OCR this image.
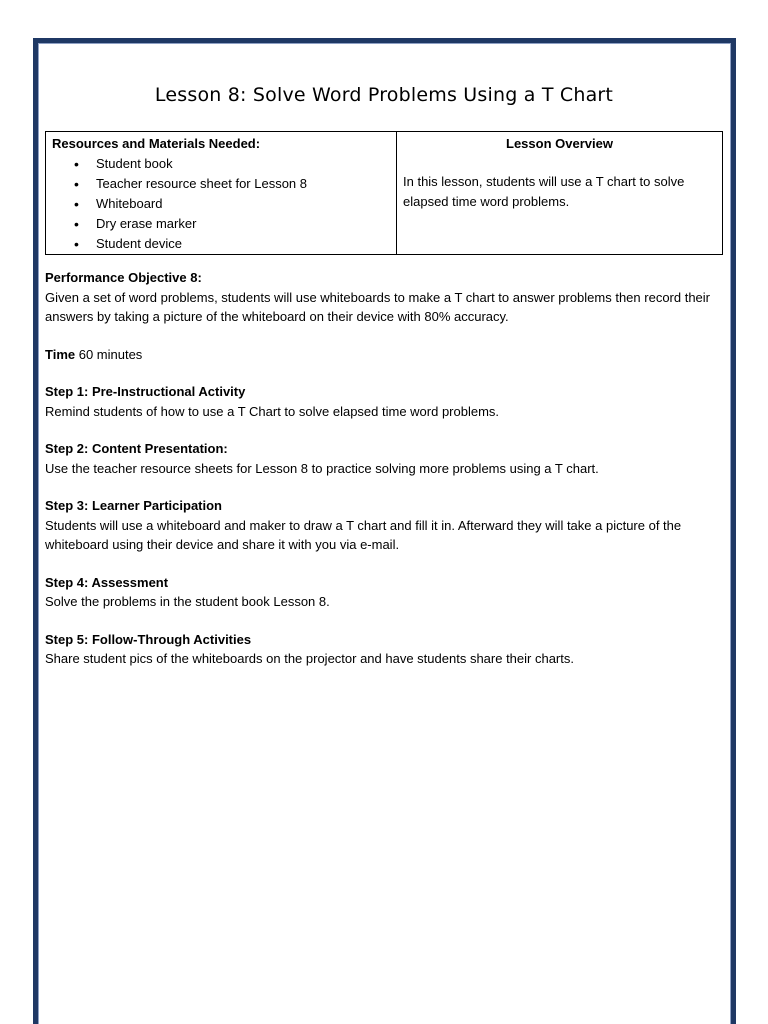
Lesson 8: Solve Word Problems Using a T Chart
Resources and Materials Needed:
• Student book
• Teacher resource sheet for Lesson 8
• Whiteboard
• Dry erase marker
• Student device

Lesson Overview
In this lesson, students will use a T chart to solve elapsed time word problems.

Performance Objective 8:

Given a set of word problems, students will use whiteboards to make a T chart to answer problems then record their answers by taking a picture of the whiteboard on their device with 80% accuracy.

Time 60 minutes

Step 1: Pre-Instructional Activity

Remind students of how to use a T Chart to solve elapsed time word problems.

Step 2: Content Presentation:

Use the teacher resource sheets for Lesson 8 to practice solving more problems using a T chart.

Step 3: Learner Participation

Students will use a whiteboard and maker to draw a T chart and fill it in. Afterward they will take a picture of the whiteboard using their device and share it with you via e-mail.

Step 4: Assessment

Solve the problems in the student book Lesson 8.

Step 5: Follow-Through Activities

Share student pics of the whiteboards on the projector and have students share their charts.
